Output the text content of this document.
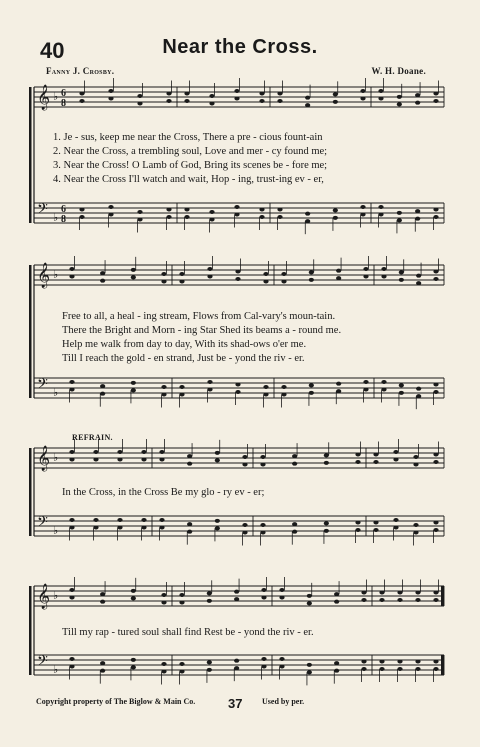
40	Near the Cross.
Fanny J. Crosby.	W. H. Doane.
𝄞
𝄢
♭
♭
6
8
6
8
𝄞
𝄢
♭
♭
𝄞
𝄢
♭
♭
𝄞
𝄢
♭
♭
1. Je - sus, keep me near the Cross, There a pre - cious fount-ain
2. Near the Cross, a trembling soul, Love and mer - cy found me;
3. Near the Cross! O Lamb of God, Bring its scenes be - fore me;
4. Near the Cross I'll watch and wait, Hop - ing, trust-ing ev - er,
Free to all, a heal - ing stream, Flows from Cal-vary's moun-tain.
There the Bright and Morn - ing Star Shed its beams a - round me.
Help me walk from day to day, With its shad-ows o'er me.
Till I reach the gold - en strand, Just be - yond the riv - er.
REFRAIN.
In the Cross, in the Cross Be my glo - ry ev - er;
Till my rap - tured soul shall find Rest be - yond the riv - er.
Copyright property of The Biglow & Main Co.	37 Used by per.
